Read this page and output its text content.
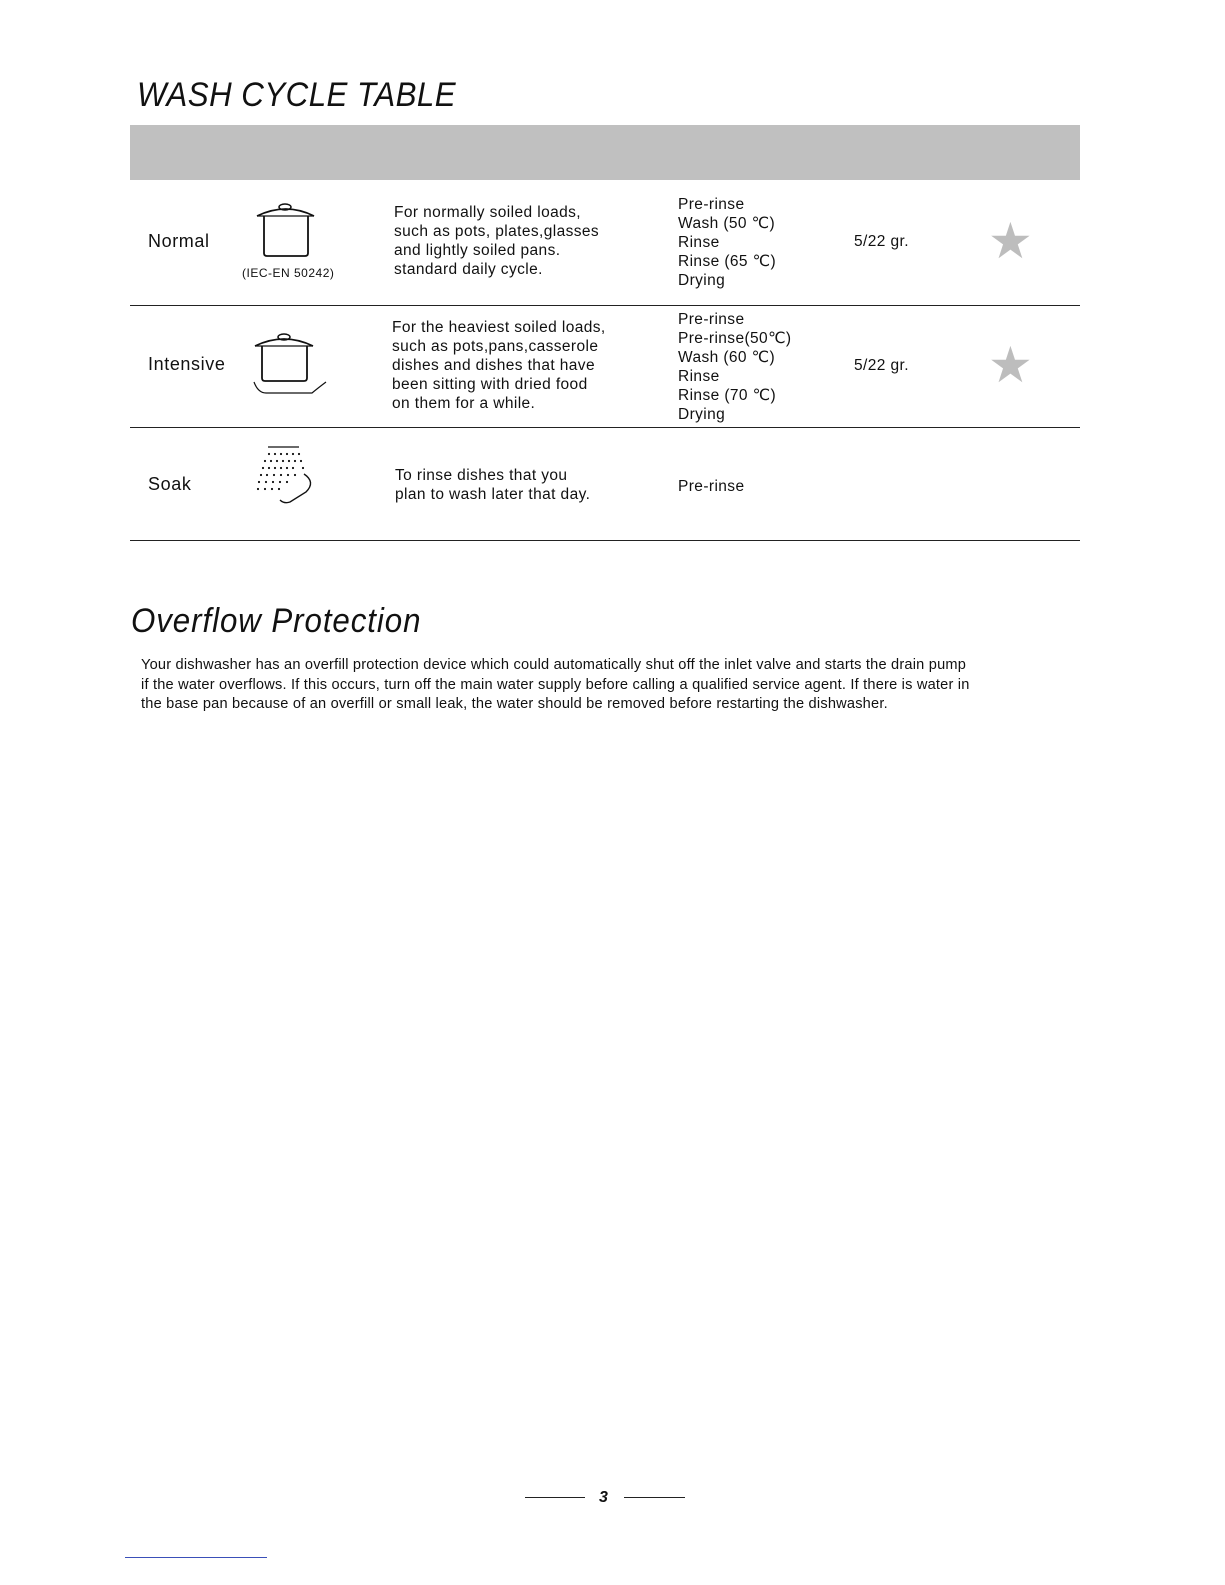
WASH CYCLE TABLE
Normal
(IEC-EN 50242)
For normally soiled loads,
such as pots, plates,glasses
and lightly soiled pans.
standard daily cycle.
Pre-rinse
Wash (50 ℃)
Rinse
Rinse (65 ℃)
Drying
5/22 gr. ★
Intensive
For the heaviest soiled loads,
such as pots,pans,casserole
dishes and dishes that have
been sitting with dried food
on them for a while.
Pre-rinse
Pre-rinse(50℃)
Wash (60 ℃)
Rinse
Rinse (70 ℃)
Drying
5/22 gr. ★
Soak	To rinse dishes that you
plan to wash later that day.	Pre-rinse
Overflow Protection
Your dishwasher has an overfill protection device which could automatically shut off the inlet valve and starts the drain pump
if the water overflows. If this occurs, turn off the main water supply before calling a qualified service agent. If there is water in
the base pan because of an overfill or small leak, the water should be removed before restarting the dishwasher.
3
